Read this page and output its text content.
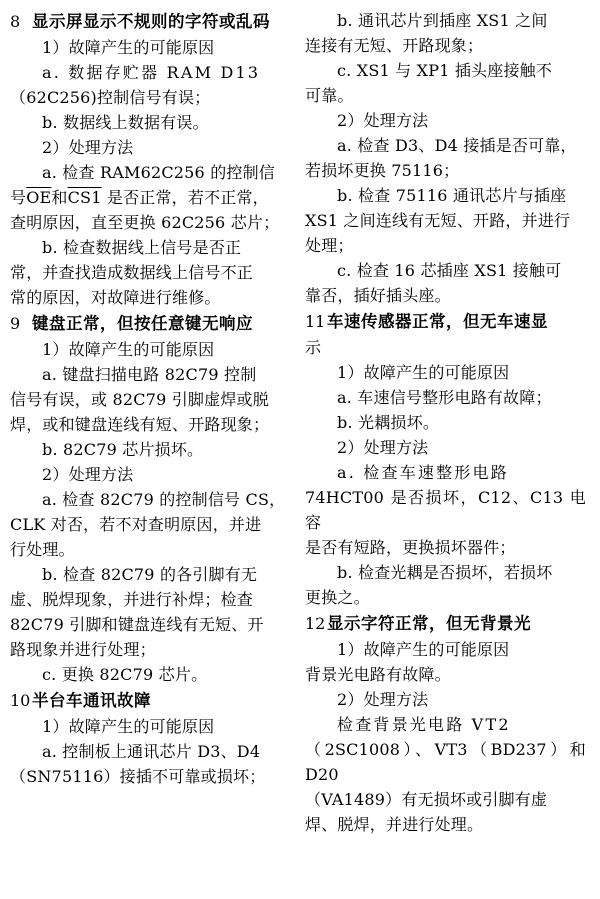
8 显示屏显示不规则的字符或乱码
1）故障产生的可能原因
a. 数据存贮器 RAM D13
（62C256)控制信号有误；
b. 数据线上数据有误。
2）处理方法
a. 检查 RAM62C256 的控制信
号$\overline{OE}$和CS1 是否正常，若不正常，
查明原因，直至更换 62C256 芯片；
b. 检查数据线上信号是否正
常，并查找造成数据线上信号不正
常的原因，对故障进行维修。
9 键盘正常，但按任意键无响应
1）故障产生的可能原因
a. 键盘扫描电路 82C79 控制
信号有误，或 82C79 引脚虚焊或脱
焊，或和键盘连线有短、开路现象；
b. 82C79 芯片损坏。
2）处理方法
a. 检查 82C79 的控制信号 CS，
CLK 对否，若不对查明原因，并进
行处理。
b. 检查 82C79 的各引脚有无
虚、脱焊现象，并进行补焊；检查
82C79 引脚和键盘连线有无短、开
路现象并进行处理；
c. 更换 82C79 芯片。
10 半台车通讯故障
1）故障产生的可能原因
a. 控制板上通讯芯片 D3、D4
（SN75116）接插不可靠或损坏；
b. 通讯芯片到插座 XS1 之间
连接有无短、开路现象；
c. XS1 与 XP1 插头座接触不
可靠。
2）处理方法
a. 检查 D3、D4 接插是否可靠，
若损坏更换 75116；
b. 检查 75116 通讯芯片与插座
XS1 之间连线有无短、开路，并进行
处理；
c. 检查 16 芯插座 XS1 接触可
靠否，插好插头座。
11 车速传感器正常，但无车速显
示
1）故障产生的可能原因
a. 车速信号整形电路有故障；
b. 光耦损坏。
2）处理方法
a. 检查车速整形电路
74HCT00 是否损坏，C12、C13 电容
是否有短路，更换损坏器件；
b. 检查光耦是否损坏，若损坏
更换之。
12 显示字符正常，但无背景光
1）故障产生的可能原因
背景光电路有故障。
2）处理方法
检查背景光电路 VT2
（2SC1008）、VT3（BD237）和 D20
（VA1489）有无损坏或引脚有虚
焊、脱焊，并进行处理。
